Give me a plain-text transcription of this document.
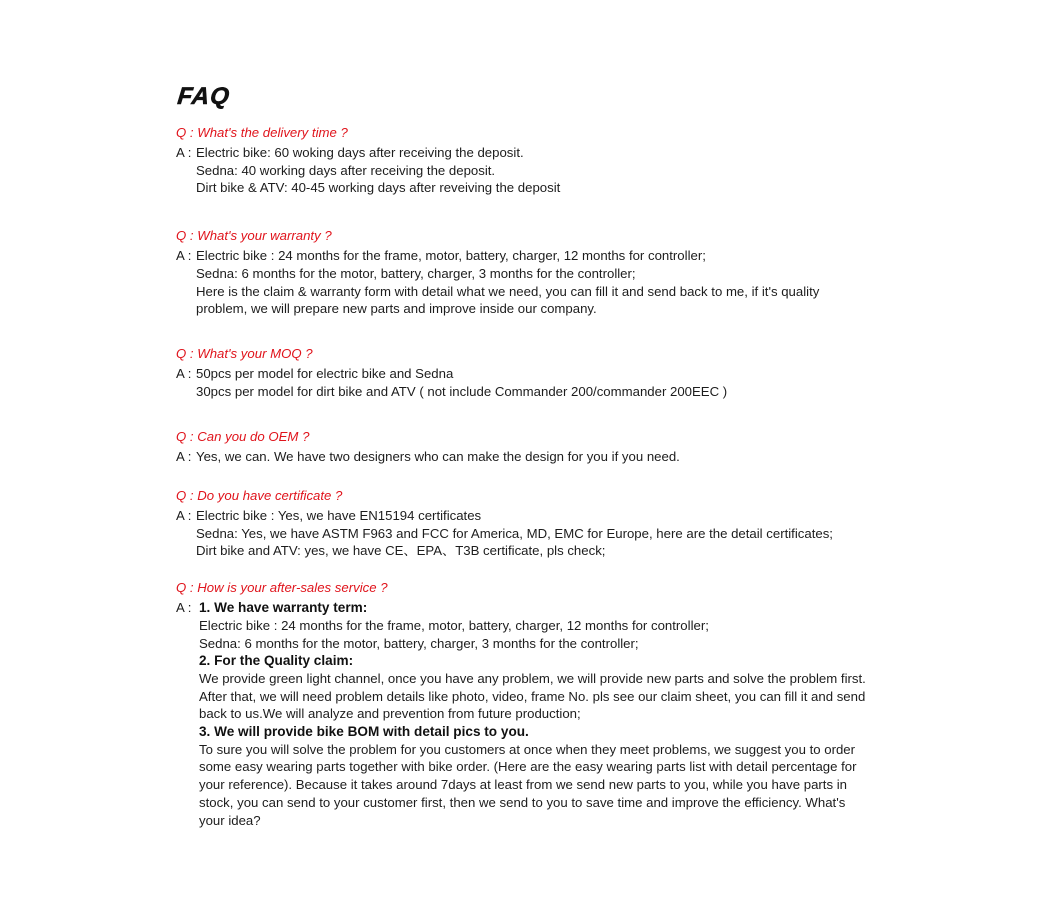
FAQ
Q : What's the delivery time ?
A : Electric bike: 60 woking days after receiving the deposit.
Sedna: 40 working days after receiving the deposit.
Dirt bike & ATV: 40-45 working days after reveiving the deposit
Q : What's your warranty ?
A : Electric bike : 24 months for the frame, motor, battery, charger, 12 months for controller;
Sedna: 6 months for the motor, battery, charger, 3 months for the controller;
Here is the claim & warranty form with detail what we need, you can fill it and send back to me, if it's quality
problem, we will prepare new parts and improve inside our company.
Q : What's your MOQ ?
A : 50pcs per model for electric bike and Sedna
30pcs per model for dirt bike and ATV ( not include Commander 200/commander 200EEC )
Q : Can you do OEM ?
A : Yes, we can. We have two designers who can make the design for you if you need.
Q : Do you have certificate ?
A : Electric bike : Yes, we have EN15194 certificates
Sedna: Yes, we have ASTM F963 and FCC for America, MD, EMC for Europe, here are the detail certificates;
Dirt bike and ATV: yes, we have CE、EPA、T3B certificate, pls check;
Q : How is your after-sales service ?
A : 1. We have warranty term:
Electric bike : 24 months for the frame, motor, battery, charger, 12 months for controller;
Sedna: 6 months for the motor, battery, charger, 3 months for the controller;
2. For the Quality claim:
We provide green light channel, once you have any problem, we will provide new parts and solve the problem first.
After that, we will need problem details like photo, video, frame No. pls see our claim sheet, you can fill it and send
back to us.We will analyze and prevention from future production;
3. We will provide bike BOM with detail pics to you.
To sure you will solve the problem for you customers at once when they meet problems, we suggest you to order
some easy wearing parts together with bike order. (Here are the easy wearing parts list with detail percentage for
your reference). Because it takes around 7days at least from we send new parts to you, while you have parts in
stock, you can send to your customer first, then we send to you to save time and improve the efficiency. What's
your idea?
